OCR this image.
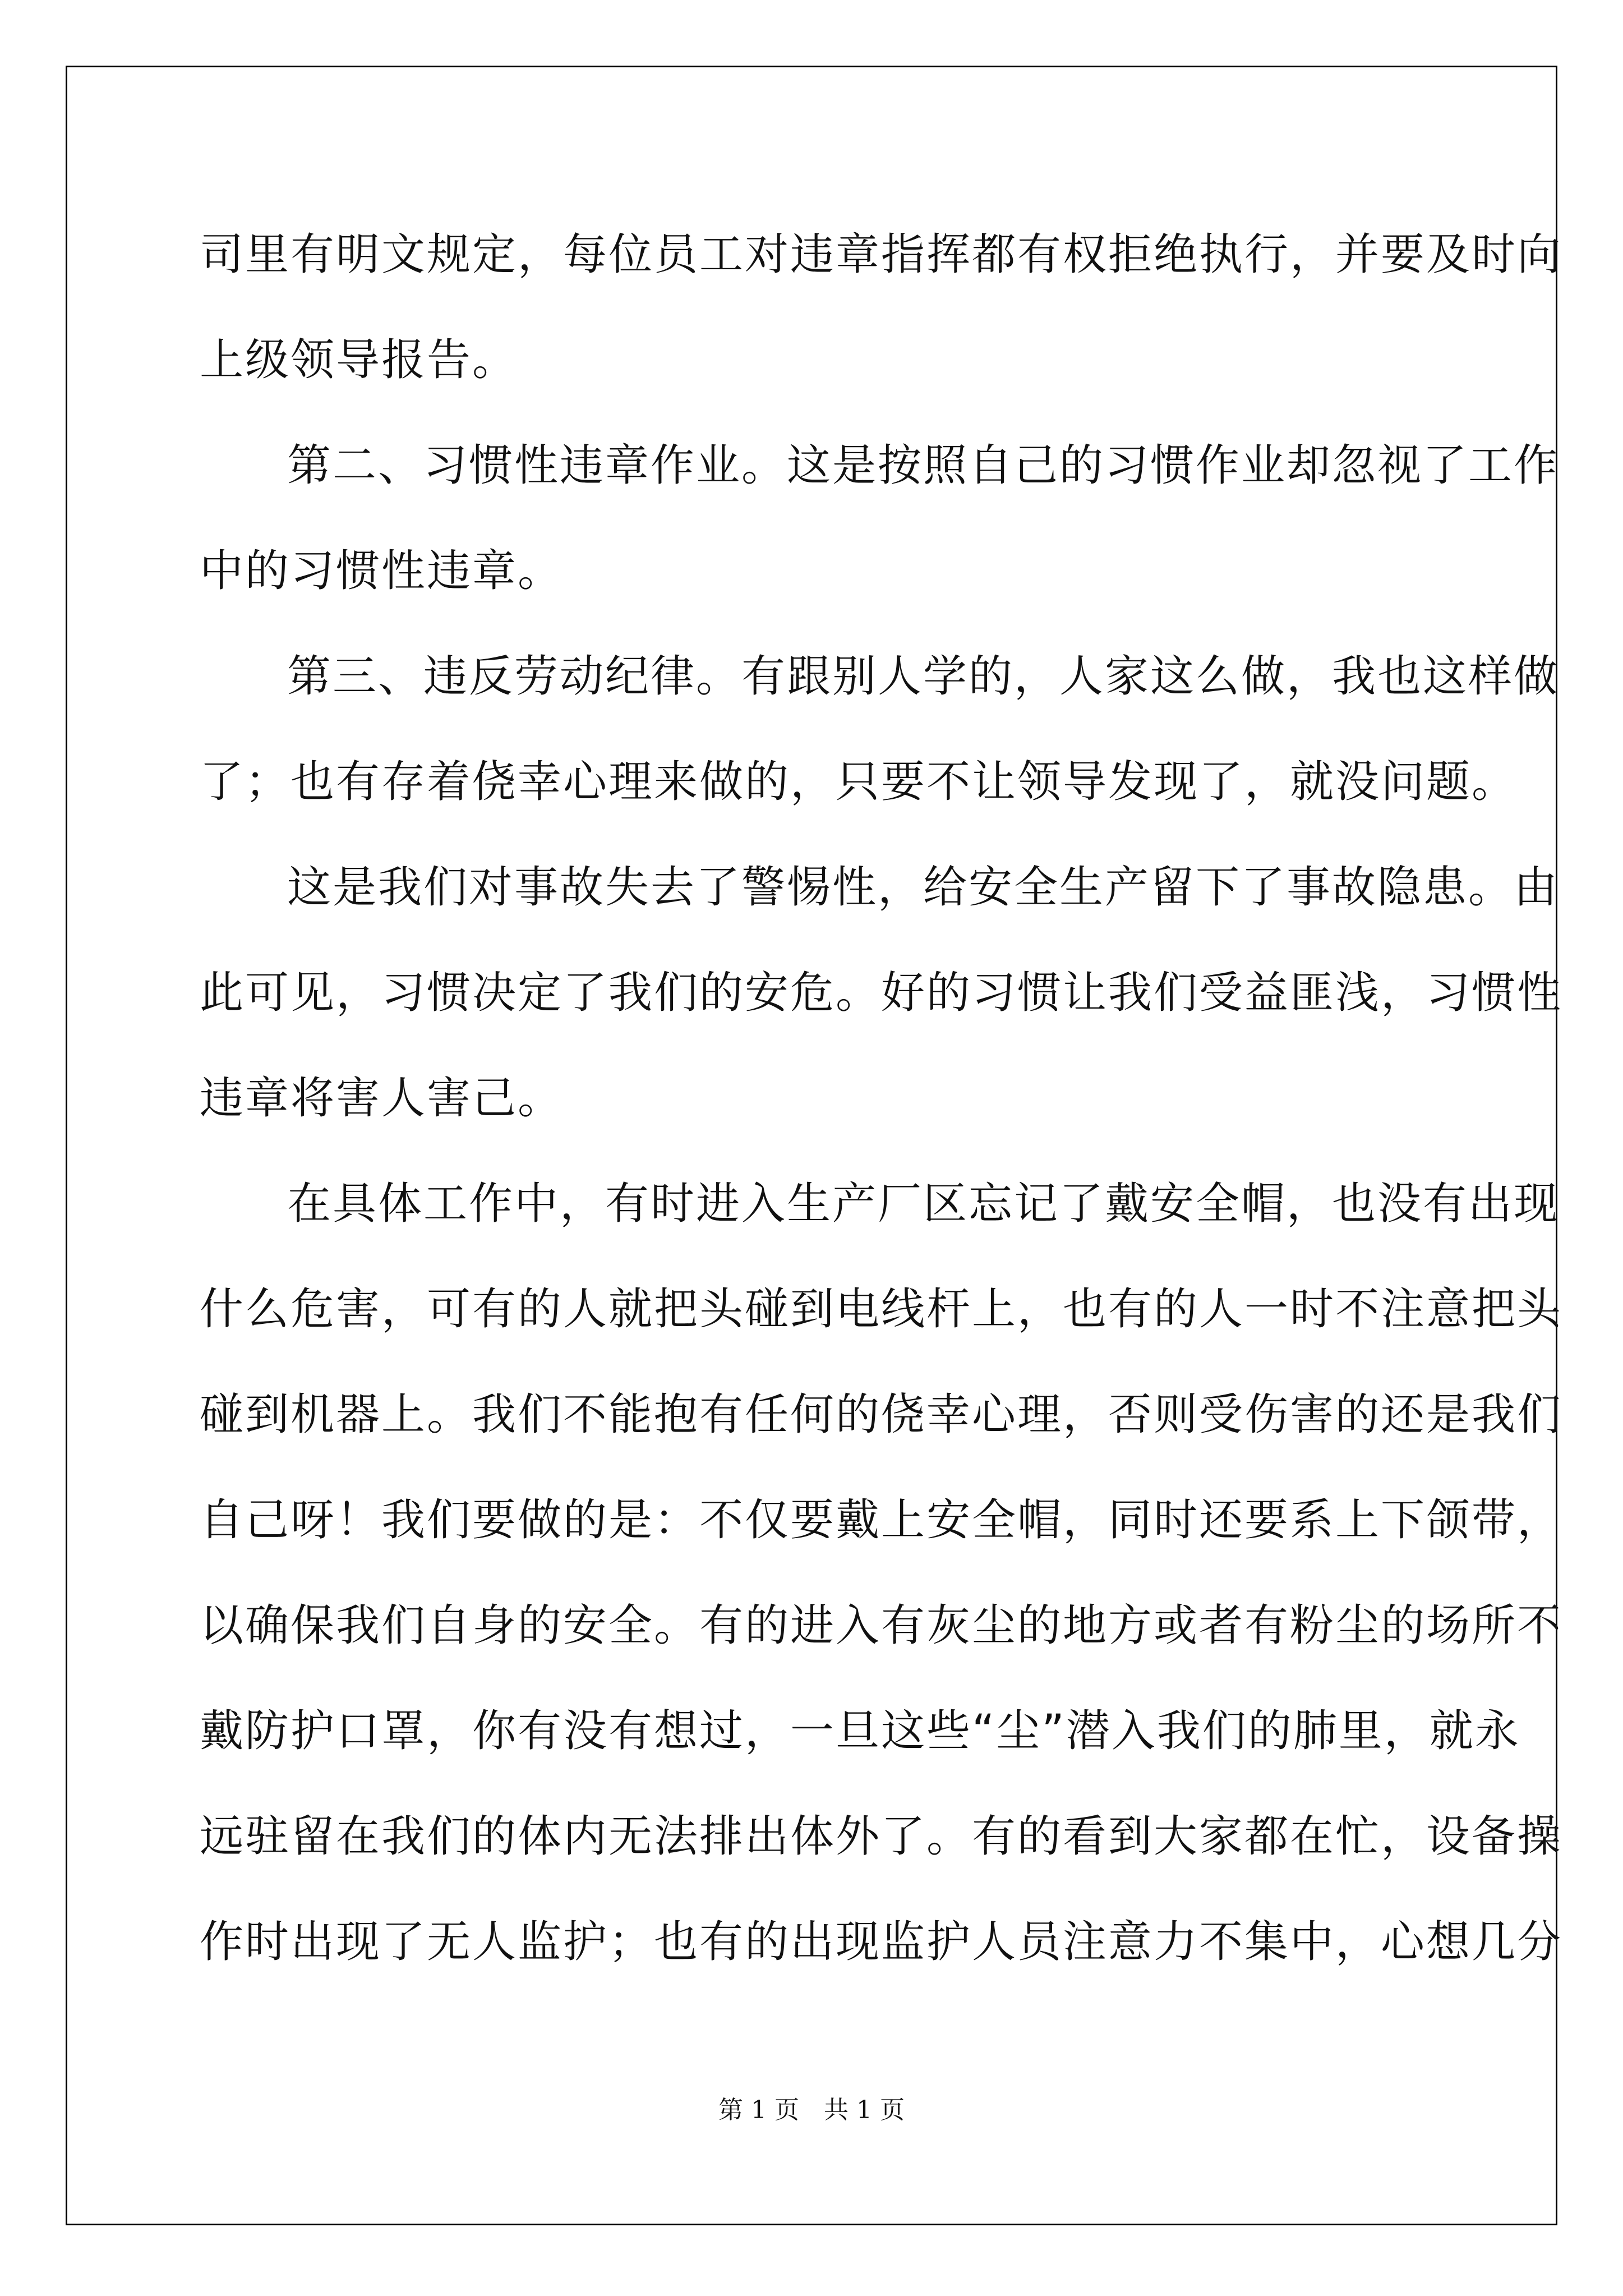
司里有明文规定，每位员工对违章指挥都有权拒绝执行，并要及时向
上级领导报告。
第二、习惯性违章作业。这是按照自己的习惯作业却忽视了工作
中的习惯性违章。
第三、违反劳动纪律。有跟别人学的，人家这么做，我也这样做
了；也有存着侥幸心理来做的，只要不让领导发现了，就没问题。
这是我们对事故失去了警惕性，给安全生产留下了事故隐患。由
此可见，习惯决定了我们的安危。好的习惯让我们受益匪浅，习惯性
违章将害人害己。
在具体工作中，有时进入生产厂区忘记了戴安全帽，也没有出现
什么危害，可有的人就把头碰到电线杆上，也有的人一时不注意把头
碰到机器上。我们不能抱有任何的侥幸心理，否则受伤害的还是我们
自己呀！我们要做的是：不仅要戴上安全帽，同时还要系上下颌带，
以确保我们自身的安全。有的进入有灰尘的地方或者有粉尘的场所不
戴防护口罩，你有没有想过，一旦这些“尘”潜入我们的肺里，就永
远驻留在我们的体内无法排出体外了。有的看到大家都在忙，设备操
作时出现了无人监护；也有的出现监护人员注意力不集中，心想几分
第 1 页　共 1 页
